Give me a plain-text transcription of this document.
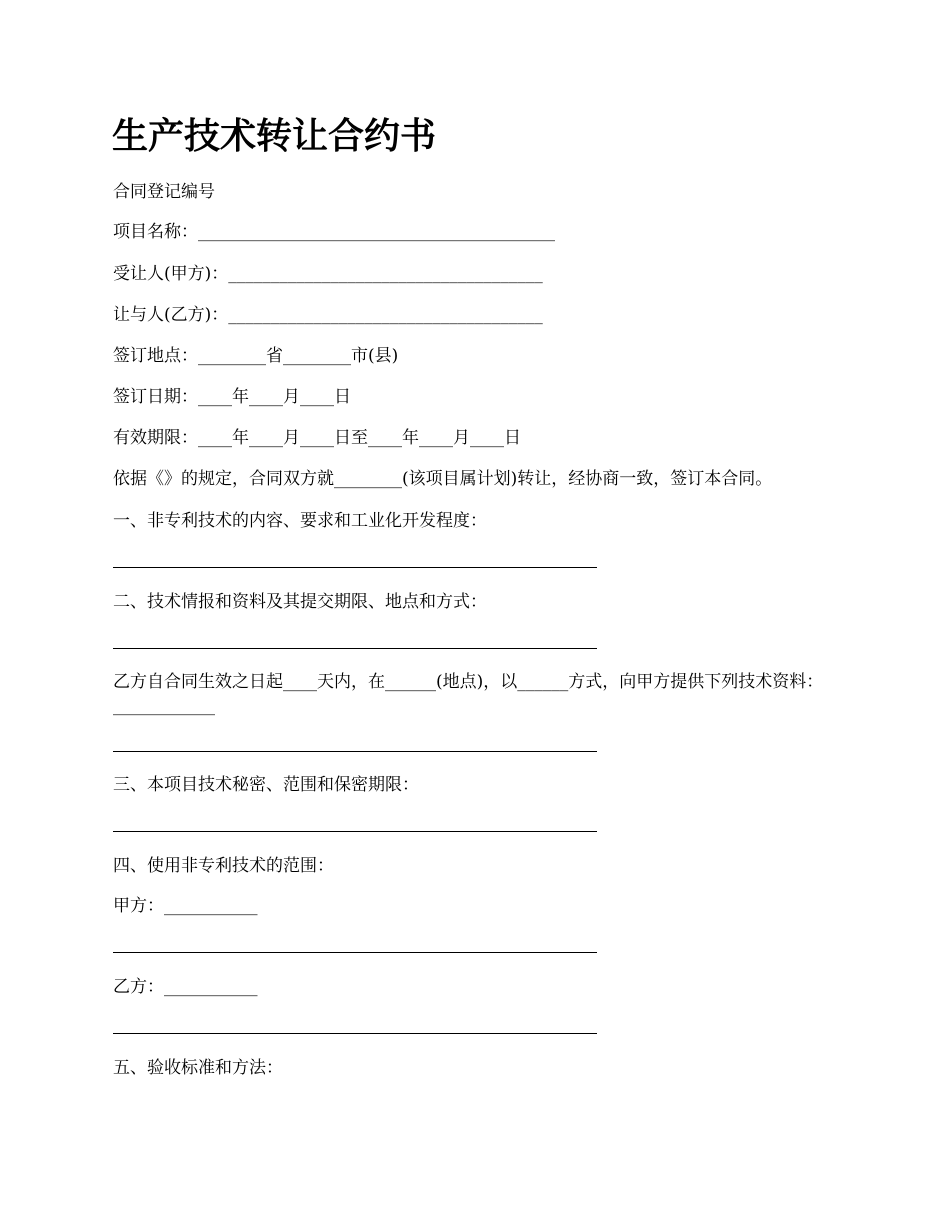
生产技术转让合约书
合同登记编号
项目名称：__________________________________________
受让人(甲方)：_____________________________________
让与人(乙方)：_____________________________________
签订地点：________省________市(县)
签订日期：____年____月____日
有效期限：____年____月____日至____年____月____日
依据《》的规定，合同双方就________(该项目属计划)转让，经协商一致，签订本合同。
一、非专利技术的内容、要求和工业化开发程度：
二、技术情报和资料及其提交期限、地点和方式：
乙方自合同生效之日起____天内，在______(地点)，以______方式，向甲方提供下列技术资料：____________
三、本项目技术秘密、范围和保密期限：
四、使用非专利技术的范围：
甲方：___________
乙方：___________
五、验收标准和方法：
